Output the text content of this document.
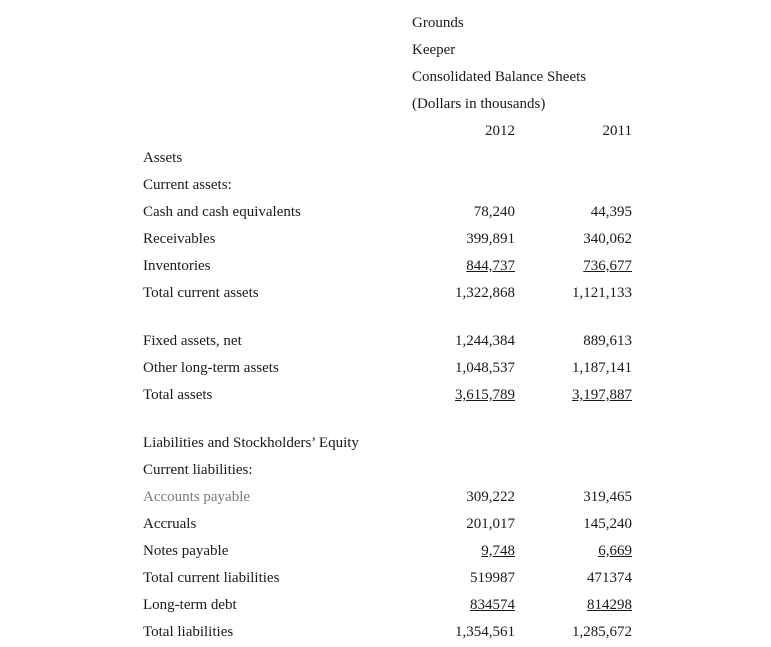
Grounds
Keeper
Consolidated Balance Sheets
(Dollars in thousands)
2012	2011
Assets
Current assets:
Cash and cash equivalents	78,240	44,395
Receivables	399,891	340,062
Inventories	844,737	736,677
Total current assets	1,322,868	1,121,133
Fixed assets, net	1,244,384	889,613
Other long-term assets	1,048,537	1,187,141
Total assets	3,615,789	3,197,887
Liabilities and Stockholders’ Equity
Current liabilities:
Accounts payable	309,222	319,465
Accruals	201,017	145,240
Notes payable	9,748	6,669
Total current liabilities	519987	471374
Long-term debt	834574	814298
Total liabilities	1,354,561	1,285,672
